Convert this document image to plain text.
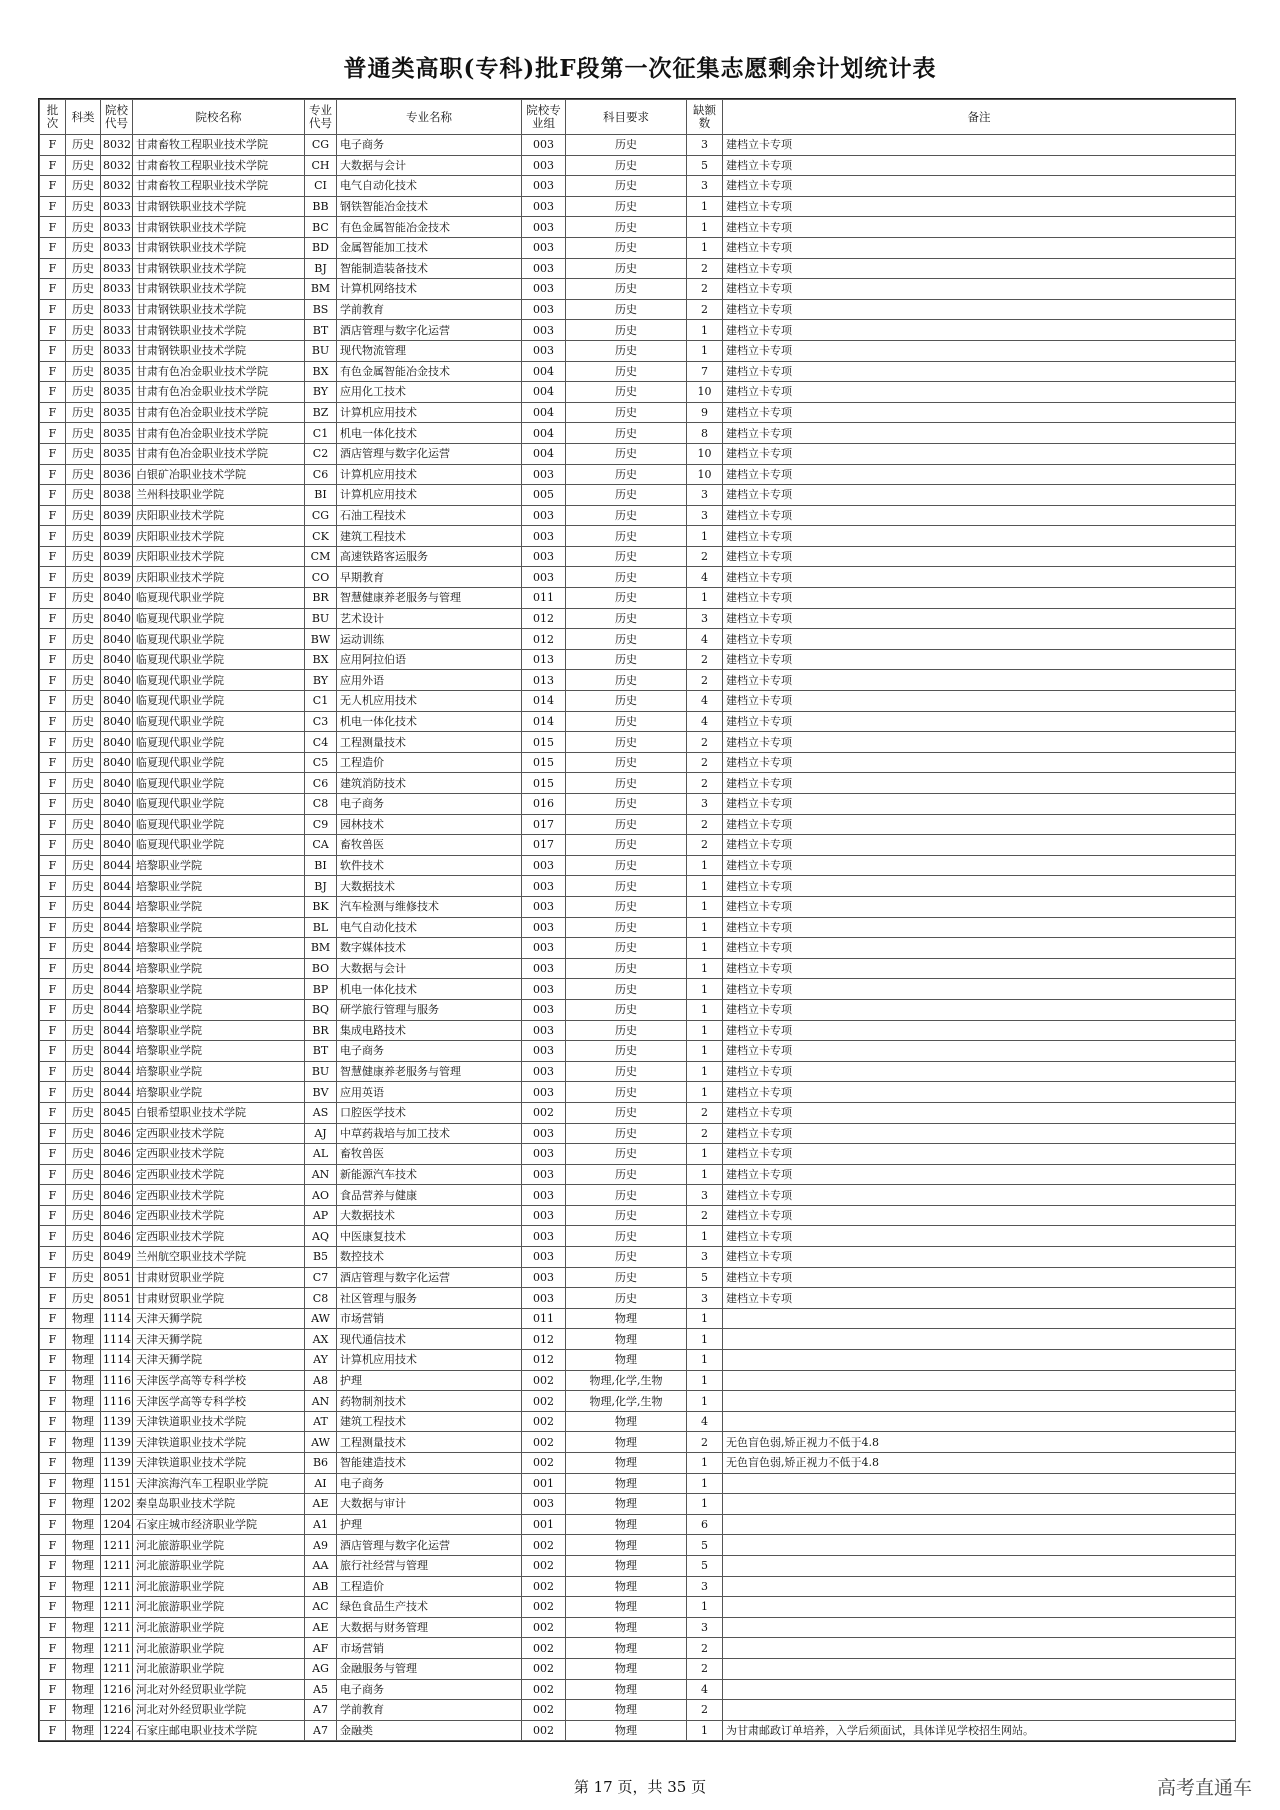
普通类高职(专科)批F段第一次征集志愿剩余计划统计表
批次	科类	院校代号	院校名称	专业代号	专业名称	院校专业组	科目要求	缺额数	备注
F	历史	8032	甘肃畜牧工程职业技术学院	CG	电子商务	003	历史	3	建档立卡专项
F	历史	8032	甘肃畜牧工程职业技术学院	CH	大数据与会计	003	历史	5	建档立卡专项
F	历史	8032	甘肃畜牧工程职业技术学院	CI	电气自动化技术	003	历史	3	建档立卡专项
F	历史	8033	甘肃钢铁职业技术学院	BB	钢铁智能冶金技术	003	历史	1	建档立卡专项
F	历史	8033	甘肃钢铁职业技术学院	BC	有色金属智能冶金技术	003	历史	1	建档立卡专项
F	历史	8033	甘肃钢铁职业技术学院	BD	金属智能加工技术	003	历史	1	建档立卡专项
F	历史	8033	甘肃钢铁职业技术学院	BJ	智能制造装备技术	003	历史	2	建档立卡专项
F	历史	8033	甘肃钢铁职业技术学院	BM	计算机网络技术	003	历史	2	建档立卡专项
F	历史	8033	甘肃钢铁职业技术学院	BS	学前教育	003	历史	2	建档立卡专项
F	历史	8033	甘肃钢铁职业技术学院	BT	酒店管理与数字化运营	003	历史	1	建档立卡专项
F	历史	8033	甘肃钢铁职业技术学院	BU	现代物流管理	003	历史	1	建档立卡专项
F	历史	8035	甘肃有色冶金职业技术学院	BX	有色金属智能冶金技术	004	历史	7	建档立卡专项
F	历史	8035	甘肃有色冶金职业技术学院	BY	应用化工技术	004	历史	10	建档立卡专项
F	历史	8035	甘肃有色冶金职业技术学院	BZ	计算机应用技术	004	历史	9	建档立卡专项
F	历史	8035	甘肃有色冶金职业技术学院	C1	机电一体化技术	004	历史	8	建档立卡专项
F	历史	8035	甘肃有色冶金职业技术学院	C2	酒店管理与数字化运营	004	历史	10	建档立卡专项
F	历史	8036	白银矿冶职业技术学院	C6	计算机应用技术	003	历史	10	建档立卡专项
F	历史	8038	兰州科技职业学院	BI	计算机应用技术	005	历史	3	建档立卡专项
F	历史	8039	庆阳职业技术学院	CG	石油工程技术	003	历史	3	建档立卡专项
F	历史	8039	庆阳职业技术学院	CK	建筑工程技术	003	历史	1	建档立卡专项
F	历史	8039	庆阳职业技术学院	CM	高速铁路客运服务	003	历史	2	建档立卡专项
F	历史	8039	庆阳职业技术学院	CO	早期教育	003	历史	4	建档立卡专项
F	历史	8040	临夏现代职业学院	BR	智慧健康养老服务与管理	011	历史	1	建档立卡专项
F	历史	8040	临夏现代职业学院	BU	艺术设计	012	历史	3	建档立卡专项
F	历史	8040	临夏现代职业学院	BW	运动训练	012	历史	4	建档立卡专项
F	历史	8040	临夏现代职业学院	BX	应用阿拉伯语	013	历史	2	建档立卡专项
F	历史	8040	临夏现代职业学院	BY	应用外语	013	历史	2	建档立卡专项
F	历史	8040	临夏现代职业学院	C1	无人机应用技术	014	历史	4	建档立卡专项
F	历史	8040	临夏现代职业学院	C3	机电一体化技术	014	历史	4	建档立卡专项
F	历史	8040	临夏现代职业学院	C4	工程测量技术	015	历史	2	建档立卡专项
F	历史	8040	临夏现代职业学院	C5	工程造价	015	历史	2	建档立卡专项
F	历史	8040	临夏现代职业学院	C6	建筑消防技术	015	历史	2	建档立卡专项
F	历史	8040	临夏现代职业学院	C8	电子商务	016	历史	3	建档立卡专项
F	历史	8040	临夏现代职业学院	C9	园林技术	017	历史	2	建档立卡专项
F	历史	8040	临夏现代职业学院	CA	畜牧兽医	017	历史	2	建档立卡专项
F	历史	8044	培黎职业学院	BI	软件技术	003	历史	1	建档立卡专项
F	历史	8044	培黎职业学院	BJ	大数据技术	003	历史	1	建档立卡专项
F	历史	8044	培黎职业学院	BK	汽车检测与维修技术	003	历史	1	建档立卡专项
F	历史	8044	培黎职业学院	BL	电气自动化技术	003	历史	1	建档立卡专项
F	历史	8044	培黎职业学院	BM	数字媒体技术	003	历史	1	建档立卡专项
F	历史	8044	培黎职业学院	BO	大数据与会计	003	历史	1	建档立卡专项
F	历史	8044	培黎职业学院	BP	机电一体化技术	003	历史	1	建档立卡专项
F	历史	8044	培黎职业学院	BQ	研学旅行管理与服务	003	历史	1	建档立卡专项
F	历史	8044	培黎职业学院	BR	集成电路技术	003	历史	1	建档立卡专项
F	历史	8044	培黎职业学院	BT	电子商务	003	历史	1	建档立卡专项
F	历史	8044	培黎职业学院	BU	智慧健康养老服务与管理	003	历史	1	建档立卡专项
F	历史	8044	培黎职业学院	BV	应用英语	003	历史	1	建档立卡专项
F	历史	8045	白银希望职业技术学院	AS	口腔医学技术	002	历史	2	建档立卡专项
F	历史	8046	定西职业技术学院	AJ	中草药栽培与加工技术	003	历史	2	建档立卡专项
F	历史	8046	定西职业技术学院	AL	畜牧兽医	003	历史	1	建档立卡专项
F	历史	8046	定西职业技术学院	AN	新能源汽车技术	003	历史	1	建档立卡专项
F	历史	8046	定西职业技术学院	AO	食品营养与健康	003	历史	3	建档立卡专项
F	历史	8046	定西职业技术学院	AP	大数据技术	003	历史	2	建档立卡专项
F	历史	8046	定西职业技术学院	AQ	中医康复技术	003	历史	1	建档立卡专项
F	历史	8049	兰州航空职业技术学院	B5	数控技术	003	历史	3	建档立卡专项
F	历史	8051	甘肃财贸职业学院	C7	酒店管理与数字化运营	003	历史	5	建档立卡专项
F	历史	8051	甘肃财贸职业学院	C8	社区管理与服务	003	历史	3	建档立卡专项
F	物理	1114	天津天狮学院	AW	市场营销	011	物理	1	
F	物理	1114	天津天狮学院	AX	现代通信技术	012	物理	1	
F	物理	1114	天津天狮学院	AY	计算机应用技术	012	物理	1	
F	物理	1116	天津医学高等专科学校	A8	护理	002	物理,化学,生物	1	
F	物理	1116	天津医学高等专科学校	AN	药物制剂技术	002	物理,化学,生物	1	
F	物理	1139	天津铁道职业技术学院	AT	建筑工程技术	002	物理	4	
F	物理	1139	天津铁道职业技术学院	AW	工程测量技术	002	物理	2	无色盲色弱,矫正视力不低于4.8
F	物理	1139	天津铁道职业技术学院	B6	智能建造技术	002	物理	1	无色盲色弱,矫正视力不低于4.8
F	物理	1151	天津滨海汽车工程职业学院	AI	电子商务	001	物理	1	
F	物理	1202	秦皇岛职业技术学院	AE	大数据与审计	003	物理	1	
F	物理	1204	石家庄城市经济职业学院	A1	护理	001	物理	6	
F	物理	1211	河北旅游职业学院	A9	酒店管理与数字化运营	002	物理	5	
F	物理	1211	河北旅游职业学院	AA	旅行社经营与管理	002	物理	5	
F	物理	1211	河北旅游职业学院	AB	工程造价	002	物理	3	
F	物理	1211	河北旅游职业学院	AC	绿色食品生产技术	002	物理	1	
F	物理	1211	河北旅游职业学院	AE	大数据与财务管理	002	物理	3	
F	物理	1211	河北旅游职业学院	AF	市场营销	002	物理	2	
F	物理	1211	河北旅游职业学院	AG	金融服务与管理	002	物理	2	
F	物理	1216	河北对外经贸职业学院	A5	电子商务	002	物理	4	
F	物理	1216	河北对外经贸职业学院	A7	学前教育	002	物理	2	
F	物理	1224	石家庄邮电职业技术学院	A7	金融类	002	物理	1	为甘肃邮政订单培养，入学后须面试，具体详见学校招生网站。
第 17 页，共 35 页	高考直通车
